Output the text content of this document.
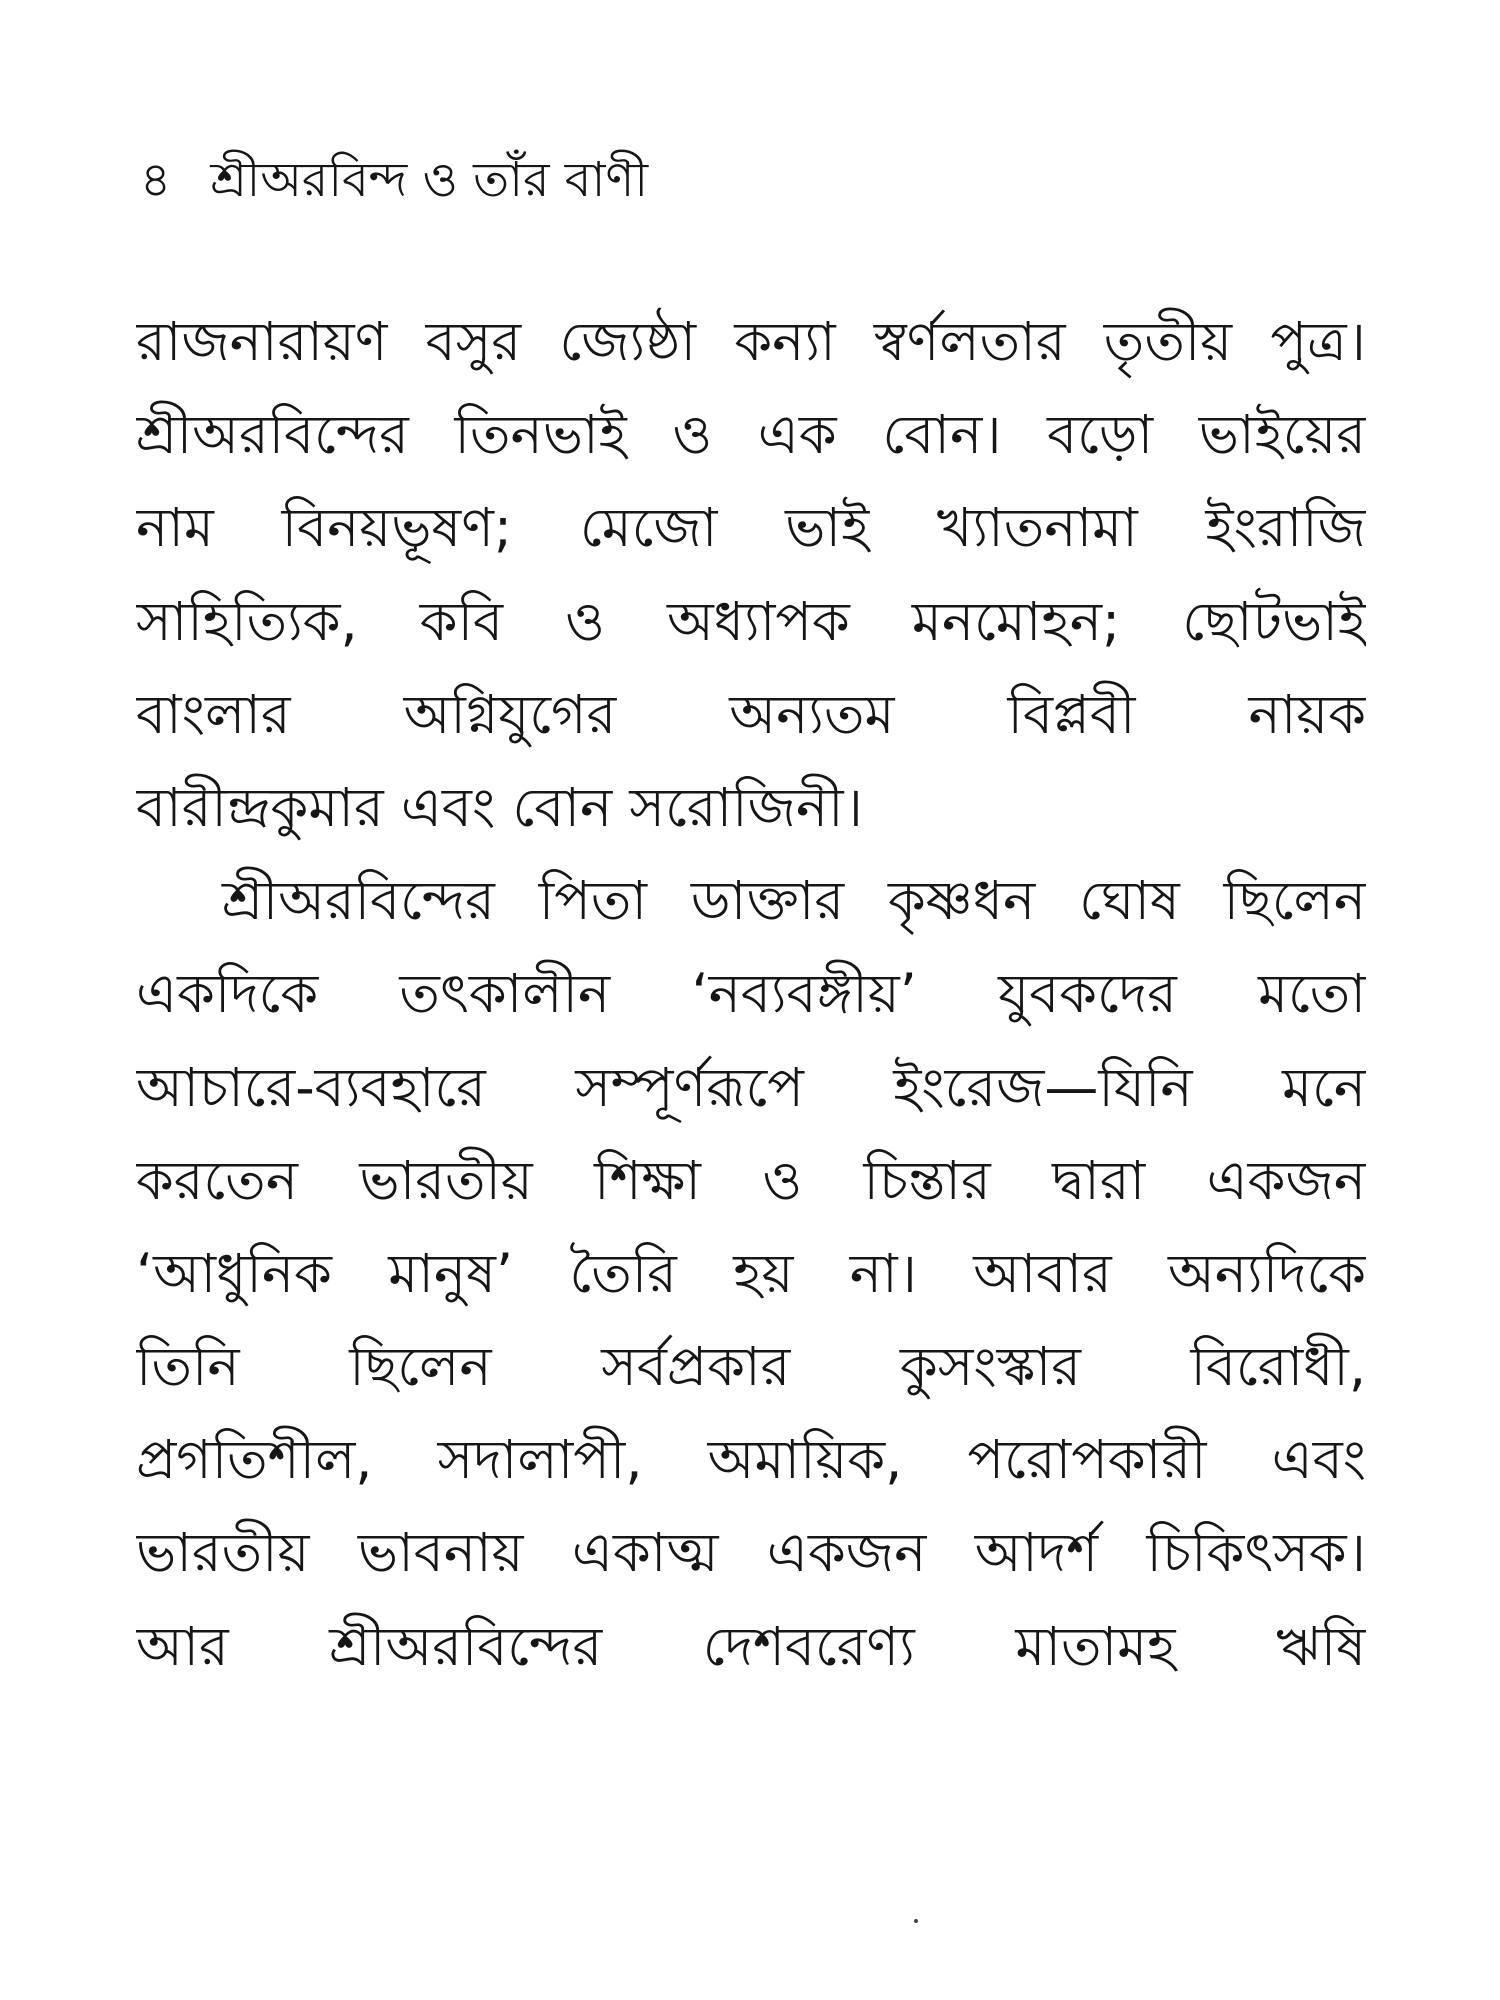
৪ শ্রীঅরবিন্দ ও তাঁর বাণী
রাজনারায়ণ বসুর জ্যেষ্ঠা কন্যা স্বর্ণলতার তৃতীয় পুত্র।
শ্রীঅরবিন্দের তিনভাই ও এক বোন। বড়ো ভাইয়ের
নাম বিনয়ভূষণ; মেজো ভাই খ্যাতনামা ইংরাজি
সাহিত্যিক, কবি ও অধ্যাপক মনমোহন; ছোটভাই
বাংলার অগ্নিযুগের অন্যতম বিপ্লবী নায়ক
বারীন্দ্রকুমার এবং বোন সরোজিনী।
শ্রীঅরবিন্দের পিতা ডাক্তার কৃষ্ণধন ঘোষ ছিলেন
একদিকে তৎকালীন ‘নব্যবঙ্গীয়’ যুবকদের মতো
আচারে-ব্যবহারে সম্পূর্ণরূপে ইংরেজ—যিনি মনে
করতেন ভারতীয় শিক্ষা ও চিন্তার দ্বারা একজন
‘আধুনিক মানুষ’ তৈরি হয় না। আবার অন্যদিকে
তিনি ছিলেন সর্বপ্রকার কুসংস্কার বিরোধী,
প্রগতিশীল, সদালাপী, অমায়িক, পরোপকারী এবং
ভারতীয় ভাবনায় একাত্ম একজন আদর্শ চিকিৎসক।
আর শ্রীঅরবিন্দের দেশবরেণ্য মাতামহ ঋষি
